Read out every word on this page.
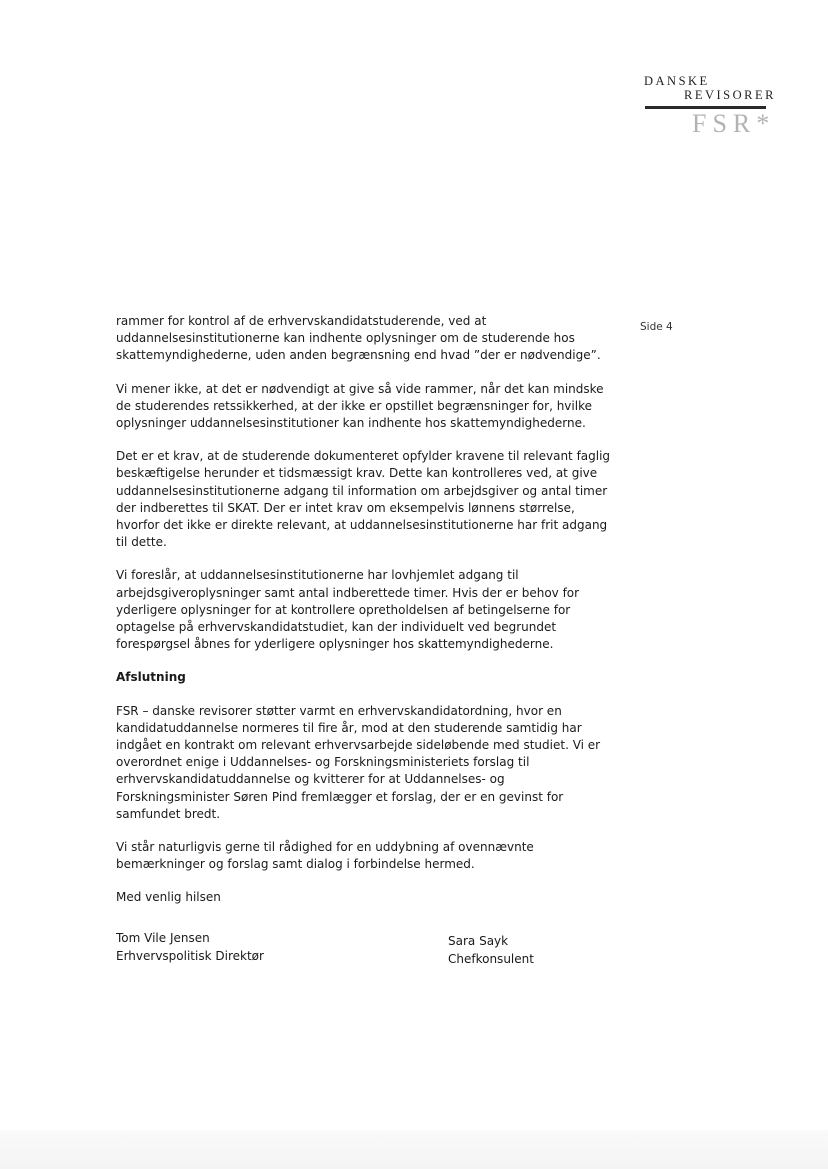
DANSKE
REVISORER
FSR*
Side 4

rammer for kontrol af de erhvervskandidatstuderende, ved at uddannelsesinstitutionerne kan indhente oplysninger om de studerende hos skattemyndighederne, uden anden begrænsning end hvad ”der er nødvendige”.

Vi mener ikke, at det er nødvendigt at give så vide rammer, når det kan mindske de studerendes retssikkerhed, at der ikke er opstillet begrænsninger for, hvilke oplysninger uddannelsesinstitutioner kan indhente hos skattemyndighederne.

Det er et krav, at de studerende dokumenteret opfylder kravene til relevant faglig beskæftigelse herunder et tidsmæssigt krav. Dette kan kontrolleres ved, at give uddannelsesinstitutionerne adgang til information om arbejdsgiver og antal timer der indberettes til SKAT. Der er intet krav om eksempelvis lønnens størrelse, hvorfor det ikke er direkte relevant, at uddannelsesinstitutionerne har frit adgang til dette.

Vi foreslår, at uddannelsesinstitutionerne har lovhjemlet adgang til arbejdsgiveroplysninger samt antal indberettede timer. Hvis der er behov for yderligere oplysninger for at kontrollere opretholdelsen af betingelserne for optagelse på erhvervskandidatstudiet, kan der individuelt ved begrundet forespørgsel åbnes for yderligere oplysninger hos skattemyndighederne.

Afslutning

FSR – danske revisorer støtter varmt en erhvervskandidatordning, hvor en kandidatuddannelse normeres til fire år, mod at den studerende samtidig har indgået en kontrakt om relevant erhvervsarbejde sideløbende med studiet. Vi er overordnet enige i Uddannelses- og Forskningsministeriets forslag til erhvervskandidatuddannelse og kvitterer for at Uddannelses- og Forskningsminister Søren Pind fremlægger et forslag, der er en gevinst for samfundet bredt.

Vi står naturligvis gerne til rådighed for en uddybning af ovennævnte bemærkninger og forslag samt dialog i forbindelse hermed.

Med venlig hilsen

Tom Vile Jensen
Erhvervspolitisk Direktør
Sara Sayk
Chefkonsulent
